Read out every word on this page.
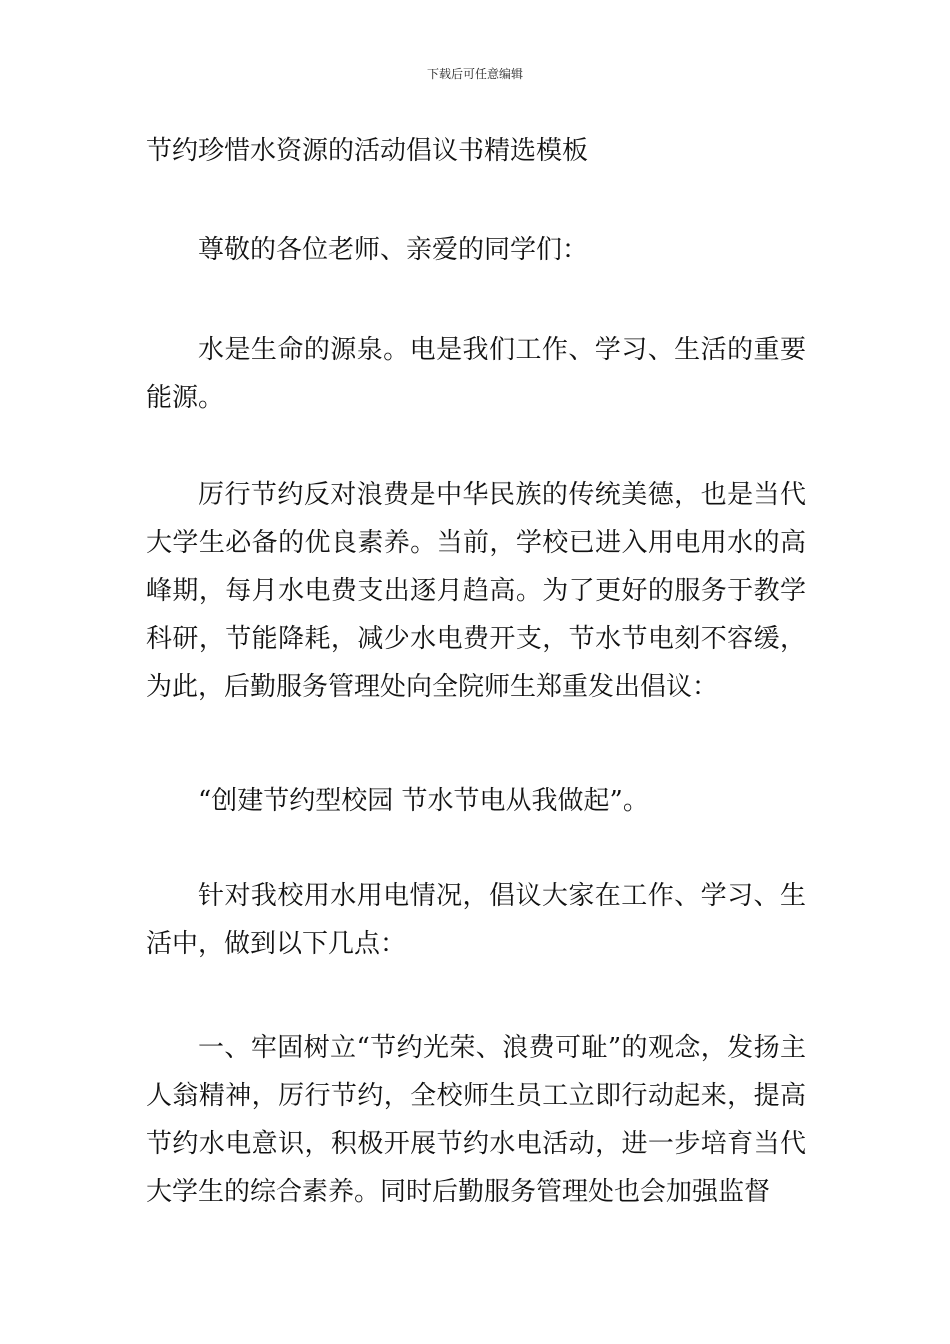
下载后可任意编辑
节约珍惜水资源的活动倡议书精选模板

尊敬的各位老师、亲爱的同学们：

水是生命的源泉。电是我们工作、学习、生活的重要能源。

厉行节约反对浪费是中华民族的传统美德，也是当代大学生必备的优良素养。当前，学校已进入用电用水的高峰期，每月水电费支出逐月趋高。为了更好的服务于教学科研，节能降耗，减少水电费开支，节水节电刻不容缓，为此，后勤服务管理处向全院师生郑重发出倡议：

“创建节约型校园 节水节电从我做起”。

针对我校用水用电情况，倡议大家在工作、学习、生活中，做到以下几点：

一、牢固树立“节约光荣、浪费可耻”的观念，发扬主人翁精神，厉行节约，全校师生员工立即行动起来，提高节约水电意识，积极开展节约水电活动，进一步培育当代大学生的综合素养。同时后勤服务管理处也会加强监督
